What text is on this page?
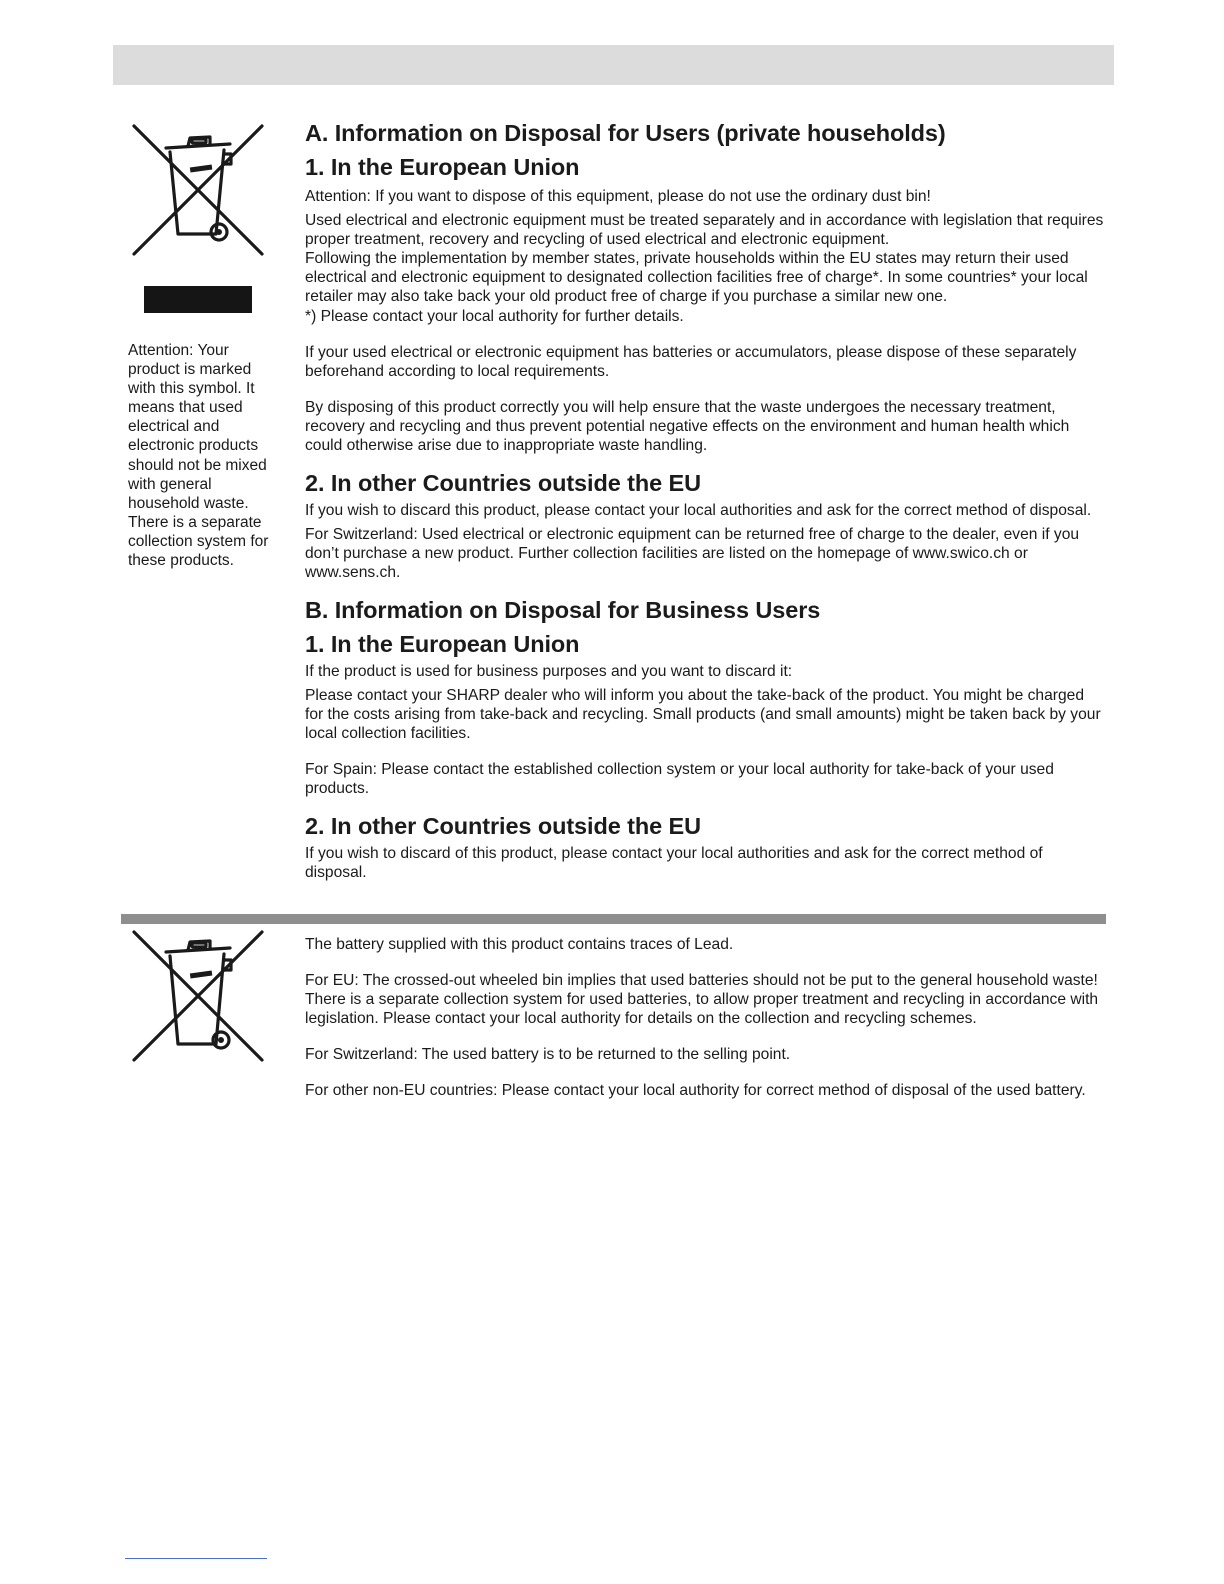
Attention: Your product is marked with this symbol. It means that used electrical and electronic products should not be mixed with general household waste. There is a separate collection system for these products.
A. Information on Disposal for Users (private households)
1. In the European Union

Attention: If you want to dispose of this equipment, please do not use the ordinary dust bin!

Used electrical and electronic equipment must be treated separately and in accordance with legislation that requires proper treatment, recovery and recycling of used electrical and electronic equipment.

Following the implementation by member states, private households within the EU states may return their used electrical and electronic equipment to designated collection facilities free of charge*. In some countries* your local retailer may also take back your old product free of charge if you purchase a similar new one.

*) Please contact your local authority for further details.

If your used electrical or electronic equipment has batteries or accumulators, please dispose of these separately beforehand according to local requirements.

By disposing of this product correctly you will help ensure that the waste undergoes the necessary treatment, recovery and recycling and thus prevent potential negative effects on the environment and human health which could otherwise arise due to inappropriate waste handling.

2. In other Countries outside the EU

If you wish to discard this product, please contact your local authorities and ask for the correct method of disposal.

For Switzerland: Used electrical or electronic equipment can be returned free of charge to the dealer, even if you don’t purchase a new product. Further collection facilities are listed on the homepage of www.swico.ch or www.sens.ch.

B. Information on Disposal for Business Users
1. In the European Union

If the product is used for business purposes and you want to discard it:

Please contact your SHARP dealer who will inform you about the take-back of the product. You might be charged for the costs arising from take-back and recycling. Small products (and small amounts) might be taken back by your local collection facilities.

For Spain: Please contact the established collection system or your local authority for take-back of your used products.

2. In other Countries outside the EU

If you wish to discard of this product, please contact your local authorities and ask for the correct method of disposal.

The battery supplied with this product contains traces of Lead.

For EU: The crossed-out wheeled bin implies that used batteries should not be put to the general household waste! There is a separate collection system for used batteries, to allow proper treatment and recycling in accordance with legislation. Please contact your local authority for details on the collection and recycling schemes.

For Switzerland: The used battery is to be returned to the selling point.

For other non-EU countries: Please contact your local authority for correct method of disposal of the used battery.
